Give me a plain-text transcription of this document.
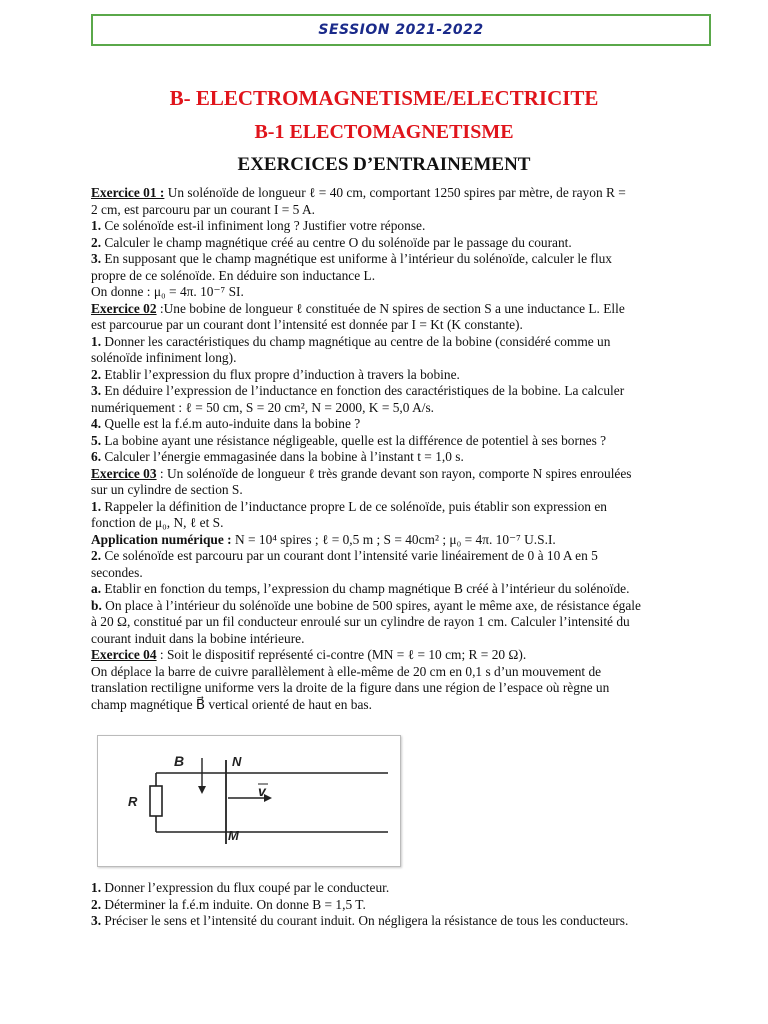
SESSION 2021-2022
B- ELECTROMAGNETISME/ELECTRICITE
B-1 ELECTOMAGNETISME
EXERCICES D’ENTRAINEMENT

Exercice 01 : Un solénoïde de longueur ℓ = 40 cm, comportant 1250 spires par mètre, de rayon R =

2 cm, est parcouru par un courant I = 5 A.

1. Ce solénoïde est-il infiniment long ? Justifier votre réponse.

2. Calculer le champ magnétique créé au centre O du solénoïde par le passage du courant.

3. En supposant que le champ magnétique est uniforme à l’intérieur du solénoïde, calculer le flux

propre de ce solénoïde. En déduire son inductance L.

On donne : μ₀ = 4π. 10⁻⁷ SI.

Exercice 02 :Une bobine de longueur ℓ constituée de N spires de section S a une inductance L. Elle

est parcourue par un courant dont l’intensité est donnée par I = Kt (K constante).

1. Donner les caractéristiques du champ magnétique au centre de la bobine (considéré comme un

solénoïde infiniment long).

2. Etablir l’expression du flux propre d’induction à travers la bobine.

3. En déduire l’expression de l’inductance en fonction des caractéristiques de la bobine. La calculer

numériquement : ℓ = 50 cm, S = 20 cm², N = 2000, K = 5,0 A/s.

4. Quelle est la f.é.m auto-induite dans la bobine ?

5. La bobine ayant une résistance négligeable, quelle est la différence de potentiel à ses bornes ?

6. Calculer l’énergie emmagasinée dans la bobine à l’instant t = 1,0 s.

Exercice 03 : Un solénoïde de longueur ℓ très grande devant son rayon, comporte N spires enroulées

sur un cylindre de section S.

1. Rappeler la définition de l’inductance propre L de ce solénoïde, puis établir son expression en

fonction de μ₀, N, ℓ et S.

Application numérique : N = 10⁴ spires ; ℓ = 0,5 m ; S = 40cm² ; μ₀ = 4π. 10⁻⁷ U.S.I.

2. Ce solénoïde est parcouru par un courant dont l’intensité varie linéairement de 0 à 10 A en 5

secondes.

a. Etablir en fonction du temps, l’expression du champ magnétique B créé à l’intérieur du solénoïde.

b. On place à l’intérieur du solénoïde une bobine de 500 spires, ayant le même axe, de résistance égale

à 20 Ω, constitué par un fil conducteur enroulé sur un cylindre de rayon 1 cm. Calculer l’intensité du

courant induit dans la bobine intérieure.

Exercice 04 : Soit le dispositif représenté ci-contre (MN = ℓ = 10 cm; R = 20 Ω).

On déplace la barre de cuivre parallèlement à elle-même de 20 cm en 0,1 s d’un mouvement de

translation rectiligne uniforme vers la droite de la figure dans une région de l’espace où règne un

champ magnétique B⃗ vertical orienté de haut en bas.

B	N
R
M
v

1. Donner l’expression du flux coupé par le conducteur.

2. Déterminer la f.é.m induite. On donne B = 1,5 T.

3. Préciser le sens et l’intensité du courant induit. On négligera la résistance de tous les conducteurs.
